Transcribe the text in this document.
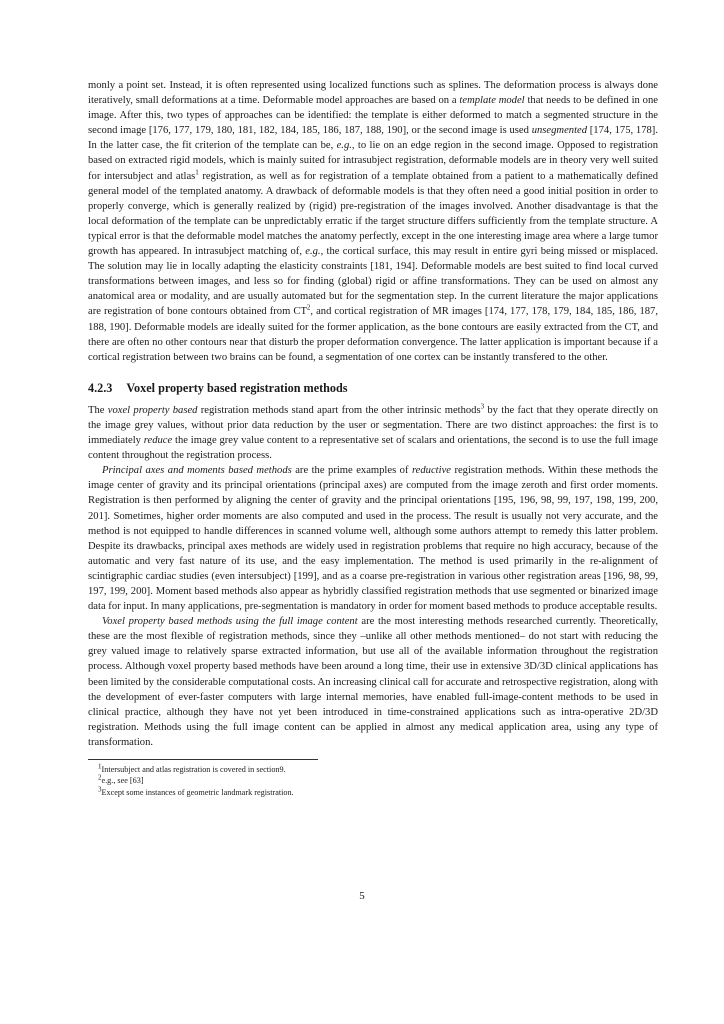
monly a point set. Instead, it is often represented using localized functions such as splines. The deformation process is always done iteratively, small deformations at a time. Deformable model approaches are based on a template model that needs to be defined in one image. After this, two types of approaches can be identified: the template is either deformed to match a segmented structure in the second image [176, 177, 179, 180, 181, 182, 184, 185, 186, 187, 188, 190], or the second image is used unsegmented [174, 175, 178]. In the latter case, the fit criterion of the template can be, e.g., to lie on an edge region in the second image. Opposed to registration based on extracted rigid models, which is mainly suited for intrasubject registration, deformable models are in theory very well suited for intersubject and atlas$^1$ registration, as well as for registration of a template obtained from a patient to a mathematically defined general model of the templated anatomy. A drawback of deformable models is that they often need a good initial position in order to properly converge, which is generally realized by (rigid) pre-registration of the images involved. Another disadvantage is that the local deformation of the template can be unpredictably erratic if the target structure differs sufficiently from the template structure. A typical error is that the deformable model matches the anatomy perfectly, except in the one interesting image area where a large tumor growth has appeared. In intrasubject matching of, e.g., the cortical surface, this may result in entire gyri being missed or misplaced. The solution may lie in locally adapting the elasticity constraints [181, 194]. Deformable models are best suited to find local curved transformations between images, and less so for finding (global) rigid or affine transformations. They can be used on almost any anatomical area or modality, and are usually automated but for the segmentation step. In the current literature the major applications are registration of bone contours obtained from $CT^2$, and cortical registration of MR images [174, 177, 178, 179, 184, 185, 186, 187, 188, 190]. Deformable models are ideally suited for the former application, as the bone contours are easily extracted from the CT, and there are often no other contours near that disturb the proper deformation convergence. The latter application is important because if a cortical registration between two brains can be found, a segmentation of one cortex can be instantly transfered to the other.

4.2.3 Voxel property based registration methods

The voxel property based registration methods stand apart from the other intrinsic methods$^3$ by the fact that they operate directly on the image grey values, without prior data reduction by the user or segmentation. There are two distinct approaches: the first is to immediately reduce the image grey value content to a representative set of scalars and orientations, the second is to use the full image content throughout the registration process.

Principal axes and moments based methods are the prime examples of reductive registration methods. Within these methods the image center of gravity and its principal orientations (principal axes) are computed from the image zeroth and first order moments. Registration is then performed by aligning the center of gravity and the principal orientations [195, 196, 98, 99, 197, 198, 199, 200, 201]. Sometimes, higher order moments are also computed and used in the process. The result is usually not very accurate, and the method is not equipped to handle differences in scanned volume well, although some authors attempt to remedy this latter problem. Despite its drawbacks, principal axes methods are widely used in registration problems that require no high accuracy, because of the automatic and very fast nature of its use, and the easy implementation. The method is used primarily in the re-alignment of scintigraphic cardiac studies (even intersubject) [199], and as a coarse pre-registration in various other registration areas [196, 98, 99, 197, 199, 200]. Moment based methods also appear as hybridly classified registration methods that use segmented or binarized image data for input. In many applications, pre-segmentation is mandatory in order for moment based methods to produce acceptable results.

Voxel property based methods using the full image content are the most interesting methods researched currently. Theoretically, these are the most flexible of registration methods, since they –unlike all other methods mentioned– do not start with reducing the grey valued image to relatively sparse extracted information, but use all of the available information throughout the registration process. Although voxel property based methods have been around a long time, their use in extensive 3D/3D clinical applications has been limited by the considerable computational costs. An increasing clinical call for accurate and retrospective registration, along with the development of ever-faster computers with large internal memories, have enabled full-image-content methods to be used in clinical practice, although they have not yet been introduced in time-constrained applications such as intra-operative 2D/3D registration. Methods using the full image content can be applied in almost any medical application area, using any type of transformation.

$^1$Intersubject and atlas registration is covered in section9.
$^2$e.g., see [63]
$^3$Except some instances of geometric landmark registration.
5
